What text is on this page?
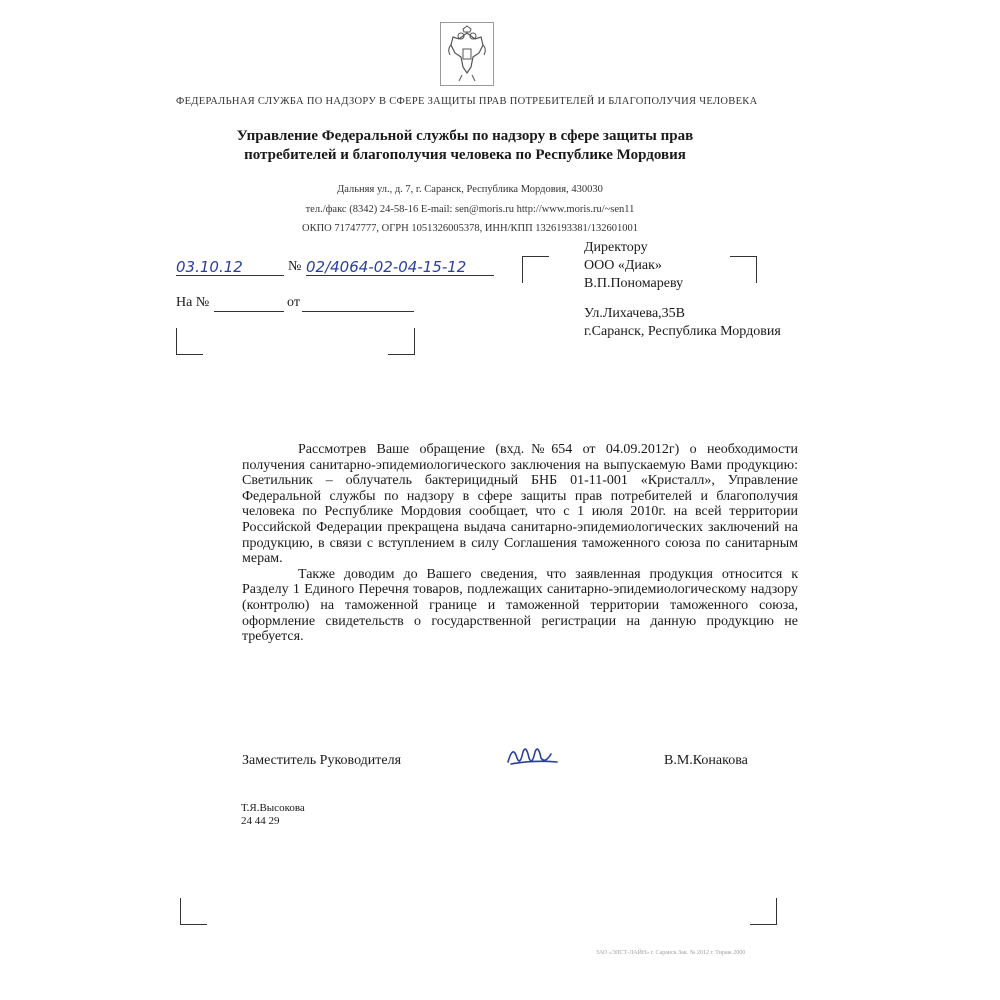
ФЕДЕРАЛЬНАЯ СЛУЖБА ПО НАДЗОРУ В СФЕРЕ ЗАЩИТЫ ПРАВ ПОТРЕБИТЕЛЕЙ И БЛАГОПОЛУЧИЯ ЧЕЛОВЕКА
Управление Федеральной службы по надзору в сфере защиты прав
потребителей и благополучия человека по Республике Мордовия
Дальняя ул., д. 7, г. Саранск, Республика Мордовия, 430030
тел./факс (8342) 24-58-16 E-mail: sen@moris.ru http://www.moris.ru/~sen11
ОКПО 71747777, ОГРН 1051326005378, ИНН/КПП 1326193381/132601001
03.10.12	№ 02/4064-02-04-15-12
На №	от
Директору
ООО «Диак»
В.П.Пономареву
Ул.Лихачева,35В
г.Саранск, Республика Мордовия

Рассмотрев Ваше обращение (вхд.№654 от 04.09.2012г) о необходимости получения санитарно-эпидемиологического заключения на выпускаемую Вами продукцию: Светильник – облучатель бактерицидный БНБ 01-11-001 «Кристалл», Управление Федеральной службы по надзору в сфере защиты прав потребителей и благополучия человека по Республике Мордовия сообщает, что с 1 июля 2010г. на всей территории Российской Федерации прекращена выдача санитарно-эпидемиологических заключений на продукцию, в связи с вступлением в силу Соглашения таможенного союза по санитарным мерам.

Также доводим до Вашего сведения, что заявленная продукция относится к Разделу 1 Единого Перечня товаров, подлежащих санитарно-эпидемиологическому надзору (контролю) на таможенной границе и таможенной территории таможенного союза, оформление свидетельств о государственной регистрации на данную продукцию не требуется.

Заместитель Руководителя	В.М.Конакова
Т.Я.Высокова
24 44 29
ЗАО «ЭЛСТ-ЛАЙН» г. Саранск Зак. № 2012 г. Тираж 2000
